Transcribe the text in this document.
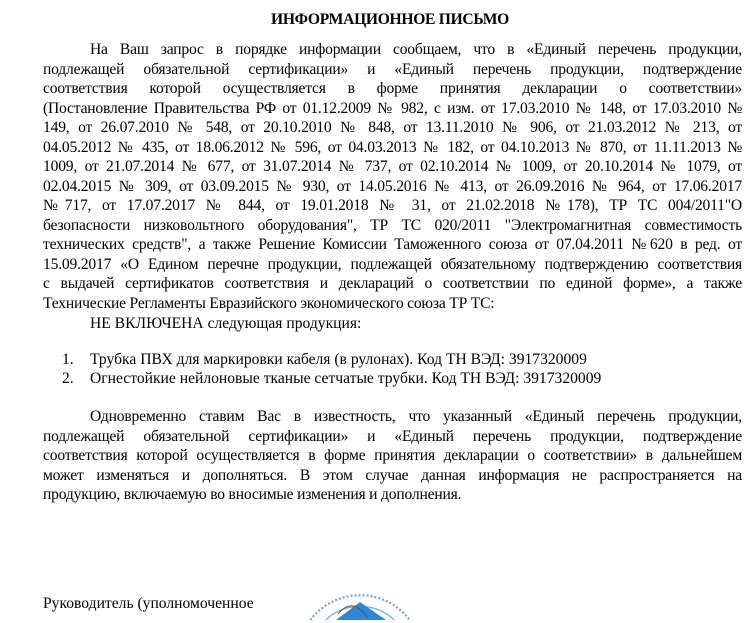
ИНФОРМАЦИОННОЕ ПИСЬМО
На Ваш запрос в порядке информации сообщаем, что в «Единый перечень продукции,
подлежащей обязательной сертификации» и «Единый перечень продукции, подтверждение
соответствия которой осуществляется в форме принятия декларации о соответствии»
(Постановление Правительства РФ от 01.12.2009 № 982, с изм. от 17.03.2010 № 148, от 17.03.2010 №
149, от 26.07.2010 № 548, от 20.10.2010 № 848, от 13.11.2010 № 906, от 21.03.2012 № 213, от
04.05.2012 № 435, от 18.06.2012 № 596, от 04.03.2013 № 182, от 04.10.2013 № 870, от 11.11.2013 №
1009, от 21.07.2014 № 677, от 31.07.2014 № 737, от 02.10.2014 № 1009, от 20.10.2014 № 1079, от
02.04.2015 № 309, от 03.09.2015 № 930, от 14.05.2016 № 413, от 26.09.2016 № 964, от 17.06.2017
№717, от 17.07.2017 № 844, от 19.01.2018 № 31, от 21.02.2018 №178), ТР ТС 004/2011"О
безопасности низковольтного оборудования", ТР ТС 020/2011 "Электромагнитная совместимость
технических средств", а также Решение Комиссии Таможенного союза от 07.04.2011 №620 в ред. от
15.09.2017 «О Едином перечне продукции, подлежащей обязательному подтверждению соответствия
с выдачей сертификатов соответствия и деклараций о соответствии по единой форме», а также
Технические Регламенты Евразийского экономического союза ТР ТС:
НЕ ВКЛЮЧЕНА следующая продукция:
1. Трубка ПВХ для маркировки кабеля (в рулонах). Код ТН ВЭД: 3917320009
2. Огнестойкие нейлоновые тканые сетчатые трубки. Код ТН ВЭД: 3917320009
Одновременно ставим Вас в известность, что указанный «Единый перечень продукции,
подлежащей обязательной сертификации» и «Единый перечень продукции, подтверждение
соответствия которой осуществляется в форме принятия декларации о соответствии» в дальнейшем
может изменяться и дополняться. В этом случае данная информация не распространяется на
продукцию, включаемую во вносимые изменения и дополнения.
Руководитель (уполномоченное
